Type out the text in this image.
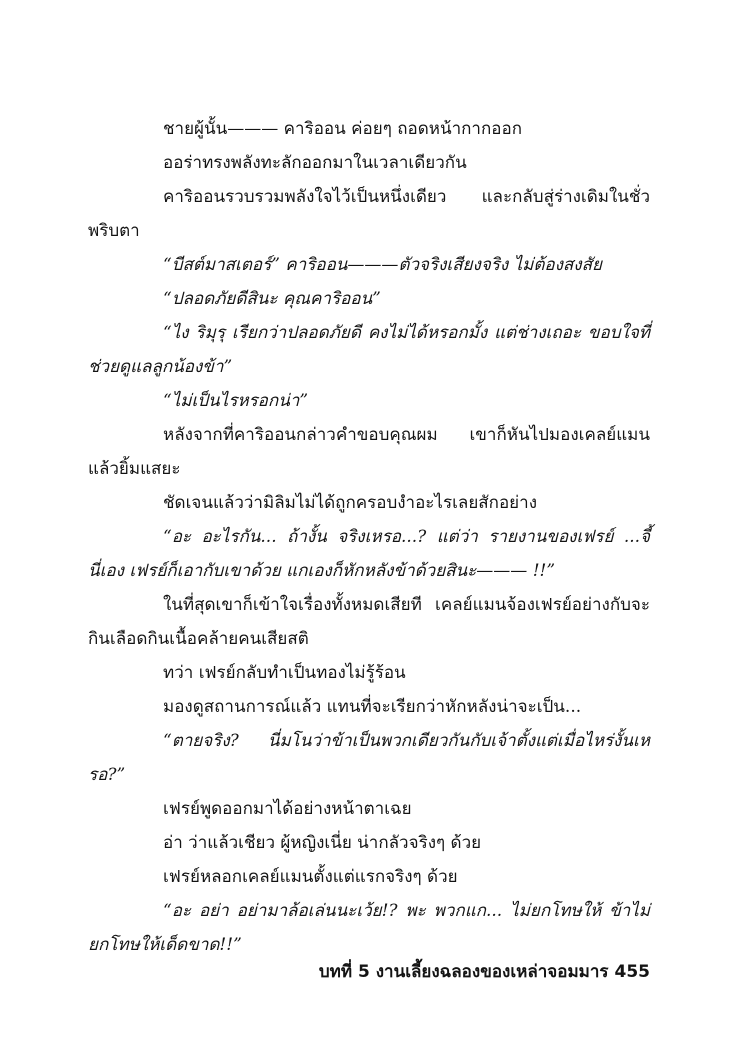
ชายผู้นั้น——— คาริออน ค่อยๆ ถอดหน้ากากออก

ออร่าทรงพลังทะลักออกมาในเวลาเดียวกัน

คาริออนรวบรวมพลังใจไว้เป็นหนึ่งเดียว และกลับสู่ร่างเดิมในชั่วพริบตา

“บีสต์มาสเตอร์” คาริออน———ตัวจริงเสียงจริง ไม่ต้องสงสัย

“ปลอดภัยดีสินะ คุณคาริออน”

“ไง ริมุรุ เรียกว่าปลอดภัยดี คงไม่ได้หรอกมั้ง แต่ช่างเถอะ ขอบใจที่ช่วยดูแลลูกน้องข้า”

“ไม่เป็นไรหรอกน่า”

หลังจากที่คาริออนกล่าวคำขอบคุณผม เขาก็หันไปมองเคลย์แมน แล้วยิ้มแสยะ

ชัดเจนแล้วว่ามิลิมไม่ได้ถูกครอบงำอะไรเลยสักอย่าง

“อะ อะไรกัน... ถ้างั้น จริงเหรอ...? แต่ว่า รายงานของเฟรย์ ...จี้ นี่เอง เฟรย์ก็เอากับเขาด้วย แกเองก็หักหลังข้าด้วยสินะ——— !!”

ในที่สุดเขาก็เข้าใจเรื่องทั้งหมดเสียที เคลย์แมนจ้องเฟรย์อย่างกับจะกินเลือดกินเนื้อคล้ายคนเสียสติ

ทว่า เฟรย์กลับทำเป็นทองไม่รู้ร้อน

มองดูสถานการณ์แล้ว แทนที่จะเรียกว่าหักหลังน่าจะเป็น...

“ตายจริง? นี่มโนว่าข้าเป็นพวกเดียวกันกับเจ้าตั้งแต่เมื่อไหร่งั้นเหรอ?”

เฟรย์พูดออกมาได้อย่างหน้าตาเฉย

อ่า ว่าแล้วเชียว ผู้หญิงเนี่ย น่ากลัวจริงๆ ด้วย

เฟรย์หลอกเคลย์แมนตั้งแต่แรกจริงๆ ด้วย

“อะ อย่า อย่ามาล้อเล่นนะเว้ย!? พะ พวกแก... ไม่ยกโทษให้ ข้าไม่ยกโทษให้เด็ดขาด!!”

บทที่ 5 งานเลี้ยงฉลองของเหล่าจอมมาร 455
